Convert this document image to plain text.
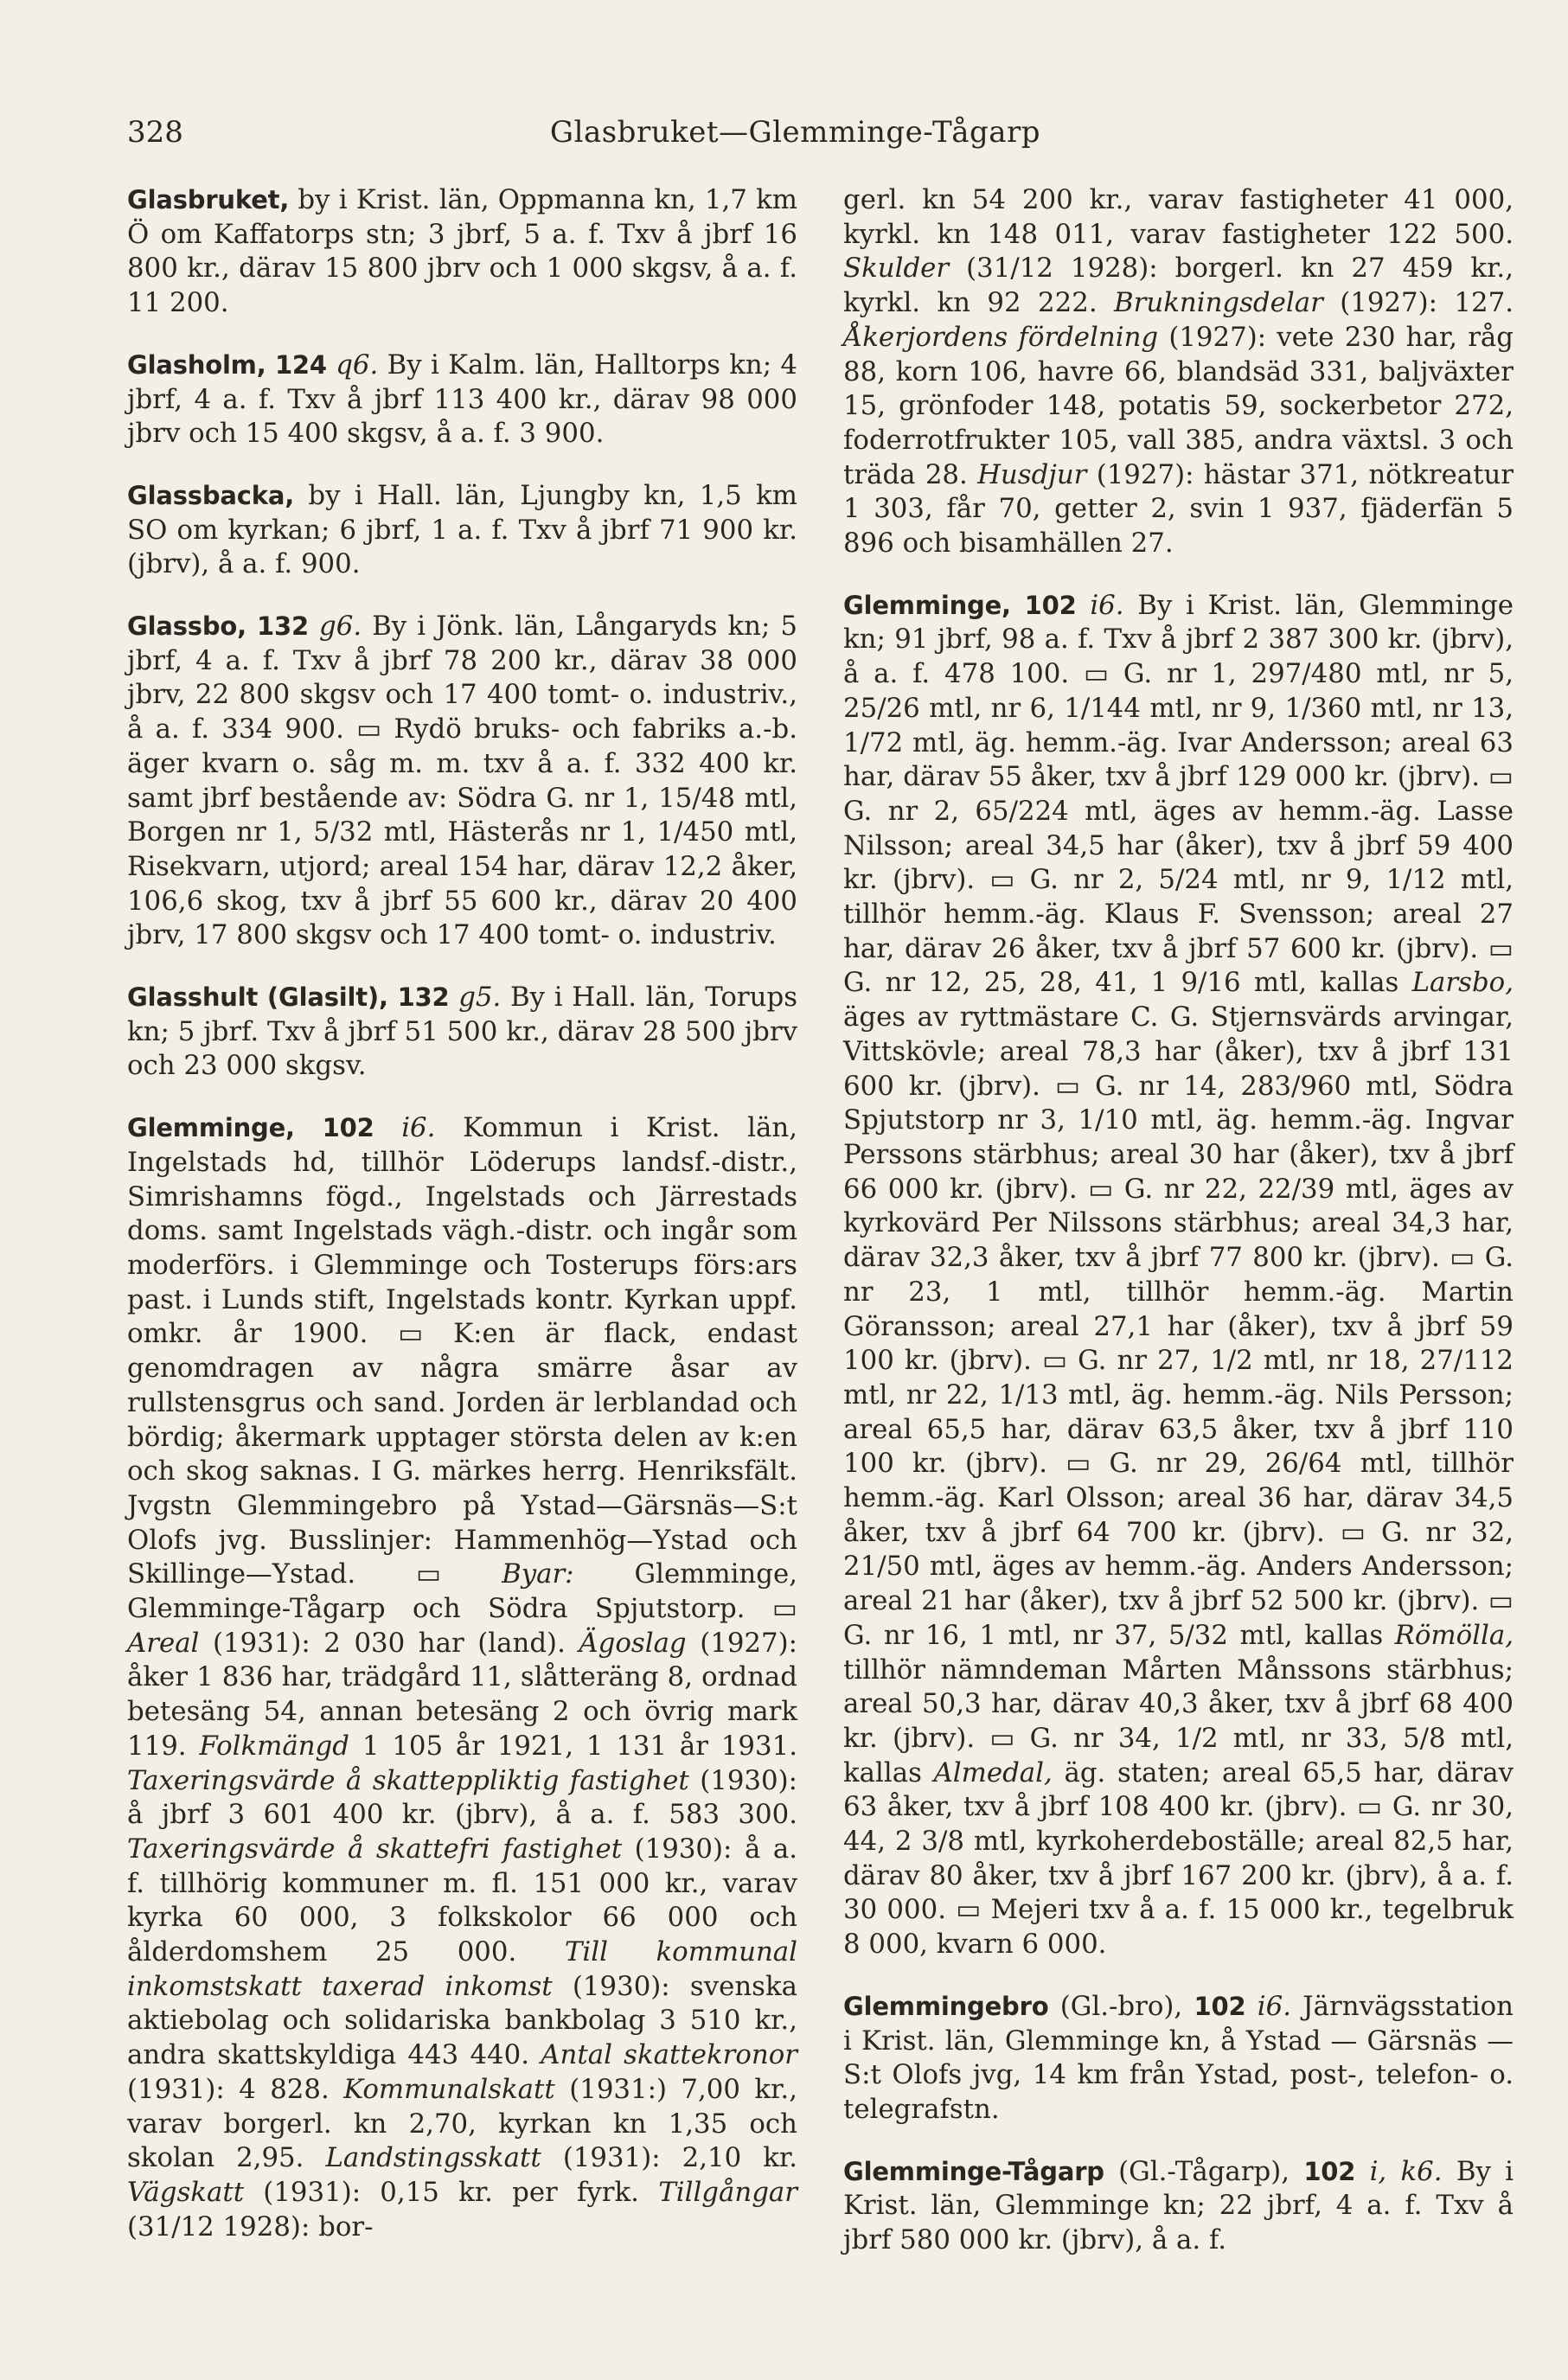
328	Glasbruket—Glemminge-Tågarp

Glasbruket, by i Krist. län, Oppmanna kn, 1,7 km Ö om Kaffatorps stn; 3 jbrf, 5 a. f. Txv å jbrf 16 800 kr., därav 15 800 jbrv och 1 000 skgsv, å a. f. 11 200.

Glasholm, 124 q6. By i Kalm. län, Halltorps kn; 4 jbrf, 4 a. f. Txv å jbrf 113 400 kr., därav 98 000 jbrv och 15 400 skgsv, å a. f. 3 900.

Glassbacka, by i Hall. län, Ljungby kn, 1,5 km SO om kyrkan; 6 jbrf, 1 a. f. Txv å jbrf 71 900 kr. (jbrv), å a. f. 900.

Glassbo, 132 g6. By i Jönk. län, Långaryds kn; 5 jbrf, 4 a. f. Txv å jbrf 78 200 kr., därav 38 000 jbrv, 22 800 skgsv och 17 400 tomt- o. industriv., å a. f. 334 900. ▭ Rydö bruks- och fabriks a.-b. äger kvarn o. såg m. m. txv å a. f. 332 400 kr. samt jbrf bestående av: Södra G. nr 1, 15/48 mtl, Borgen nr 1, 5/32 mtl, Hästerås nr 1, 1/450 mtl, Risekvarn, utjord; areal 154 har, därav 12,2 åker, 106,6 skog, txv å jbrf 55 600 kr., därav 20 400 jbrv, 17 800 skgsv och 17 400 tomt- o. industriv.

Glasshult (Glasilt), 132 g5. By i Hall. län, Torups kn; 5 jbrf. Txv å jbrf 51 500 kr., därav 28 500 jbrv och 23 000 skgsv.

Glemminge, 102 i6. Kommun i Krist. län, Ingelstads hd, tillhör Löderups landsf.-distr., Simrishamns fögd., Ingelstads och Järrestads doms. samt Ingelstads vägh.-distr. och ingår som moderförs. i Glemminge och Tosterups förs:ars past. i Lunds stift, Ingelstads kontr. Kyrkan uppf. omkr. år 1900. ▭ K:en är flack, endast genomdragen av några smärre åsar av rullstensgrus och sand. Jorden är lerblandad och bördig; åkermark upptager största delen av k:en och skog saknas. I G. märkes herrg. Henriksfält. Jvgstn Glemmingebro på Ystad—Gärsnäs—S:t Olofs jvg. Busslinjer: Hammenhög—Ystad och Skillinge—Ystad. ▭ Byar: Glemminge, Glemminge-Tågarp och Södra Spjutstorp. ▭ Areal (1931): 2 030 har (land). Ägoslag (1927): åker 1 836 har, trädgård 11, slåtteräng 8, ordnad betesäng 54, annan betesäng 2 och övrig mark 119. Folkmängd 1 105 år 1921, 1 131 år 1931. Taxeringsvärde å skatteppliktig fastighet (1930): å jbrf 3 601 400 kr. (jbrv), å a. f. 583 300. Taxeringsvärde å skattefri fastighet (1930): å a. f. tillhörig kommuner m. fl. 151 000 kr., varav kyrka 60 000, 3 folkskolor 66 000 och ålderdomshem 25 000. Till kommunal inkomstskatt taxerad inkomst (1930): svenska aktiebolag och solidariska bankbolag 3 510 kr., andra skattskyldiga 443 440. Antal skattekronor (1931): 4 828. Kommunalskatt (1931:) 7,00 kr., varav borgerl. kn 2,70, kyrkan kn 1,35 och skolan 2,95. Landstingsskatt (1931): 2,10 kr. Vägskatt (1931): 0,15 kr. per fyrk. Tillgångar (31/12 1928): bor-

gerl. kn 54 200 kr., varav fastigheter 41 000, kyrkl. kn 148 011, varav fastigheter 122 500. Skulder (31/12 1928): borgerl. kn 27 459 kr., kyrkl. kn 92 222. Brukningsdelar (1927): 127. Åkerjordens fördelning (1927): vete 230 har, råg 88, korn 106, havre 66, blandsäd 331, baljväxter 15, grönfoder 148, potatis 59, sockerbetor 272, foderrotfrukter 105, vall 385, andra växtsl. 3 och träda 28. Husdjur (1927): hästar 371, nötkreatur 1 303, får 70, getter 2, svin 1 937, fjäderfän 5 896 och bisamhällen 27.

Glemminge, 102 i6. By i Krist. län, Glemminge kn; 91 jbrf, 98 a. f. Txv å jbrf 2 387 300 kr. (jbrv), å a. f. 478 100. ▭ G. nr 1, 297/480 mtl, nr 5, 25/26 mtl, nr 6, 1/144 mtl, nr 9, 1/360 mtl, nr 13, 1/72 mtl, äg. hemm.-äg. Ivar Andersson; areal 63 har, därav 55 åker, txv å jbrf 129 000 kr. (jbrv). ▭ G. nr 2, 65/224 mtl, äges av hemm.-äg. Lasse Nilsson; areal 34,5 har (åker), txv å jbrf 59 400 kr. (jbrv). ▭ G. nr 2, 5/24 mtl, nr 9, 1/12 mtl, tillhör hemm.-äg. Klaus F. Svensson; areal 27 har, därav 26 åker, txv å jbrf 57 600 kr. (jbrv). ▭ G. nr 12, 25, 28, 41, 1 9/16 mtl, kallas Larsbo, äges av ryttmästare C. G. Stjernsvärds arvingar, Vittskövle; areal 78,3 har (åker), txv å jbrf 131 600 kr. (jbrv). ▭ G. nr 14, 283/960 mtl, Södra Spjutstorp nr 3, 1/10 mtl, äg. hemm.-äg. Ingvar Perssons stärbhus; areal 30 har (åker), txv å jbrf 66 000 kr. (jbrv). ▭ G. nr 22, 22/39 mtl, äges av kyrkovärd Per Nilssons stärbhus; areal 34,3 har, därav 32,3 åker, txv å jbrf 77 800 kr. (jbrv). ▭ G. nr 23, 1 mtl, tillhör hemm.-äg. Martin Göransson; areal 27,1 har (åker), txv å jbrf 59 100 kr. (jbrv). ▭ G. nr 27, 1/2 mtl, nr 18, 27/112 mtl, nr 22, 1/13 mtl, äg. hemm.-äg. Nils Persson; areal 65,5 har, därav 63,5 åker, txv å jbrf 110 100 kr. (jbrv). ▭ G. nr 29, 26/64 mtl, tillhör hemm.-äg. Karl Olsson; areal 36 har, därav 34,5 åker, txv å jbrf 64 700 kr. (jbrv). ▭ G. nr 32, 21/50 mtl, äges av hemm.-äg. Anders Andersson; areal 21 har (åker), txv å jbrf 52 500 kr. (jbrv). ▭ G. nr 16, 1 mtl, nr 37, 5/32 mtl, kallas Römölla, tillhör nämndeman Mårten Månssons stärbhus; areal 50,3 har, därav 40,3 åker, txv å jbrf 68 400 kr. (jbrv). ▭ G. nr 34, 1/2 mtl, nr 33, 5/8 mtl, kallas Almedal, äg. staten; areal 65,5 har, därav 63 åker, txv å jbrf 108 400 kr. (jbrv). ▭ G. nr 30, 44, 2 3/8 mtl, kyrkoherdeboställe; areal 82,5 har, därav 80 åker, txv å jbrf 167 200 kr. (jbrv), å a. f. 30 000. ▭ Mejeri txv å a. f. 15 000 kr., tegelbruk 8 000, kvarn 6 000.

Glemmingebro (Gl.-bro), 102 i6. Järnvägsstation i Krist. län, Glemminge kn, å Ystad — Gärsnäs — S:t Olofs jvg, 14 km från Ystad, post-, telefon- o. telegrafstn.

Glemminge-Tågarp (Gl.-Tågarp), 102 i, k6. By i Krist. län, Glemminge kn; 22 jbrf, 4 a. f. Txv å jbrf 580 000 kr. (jbrv), å a. f.
